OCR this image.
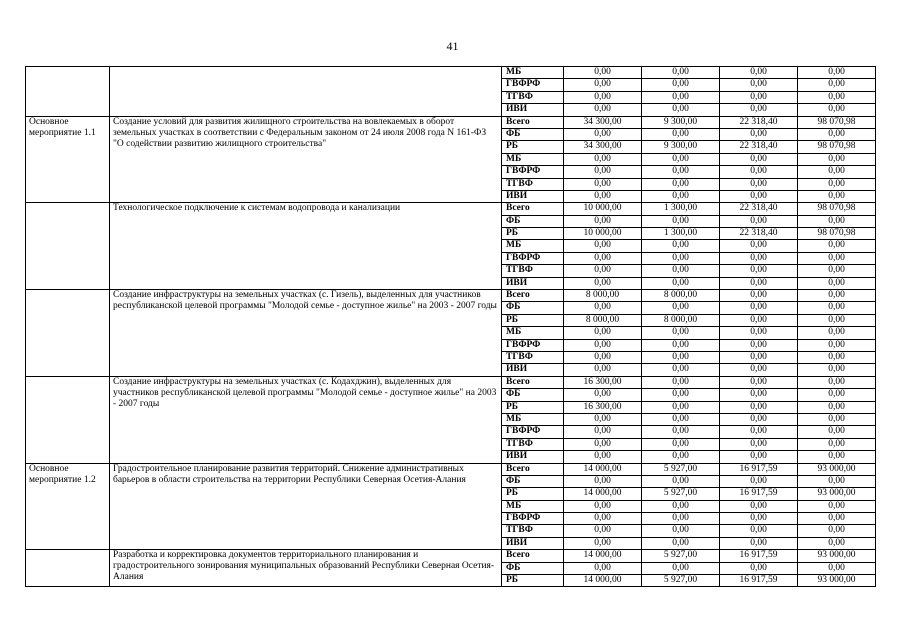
41
		МБ	0,00	0,00	0,00	0,00
		ГВФРФ	0,00	0,00	0,00	0,00
		ТГВФ	0,00	0,00	0,00	0,00
		ИВИ	0,00	0,00	0,00	0,00
Основное мероприятие 1.1	Создание условий для развития жилищного строительства на вовлекаемых в оборот земельных участках в соответствии с Федеральным законом от 24 июля 2008 года N 161-ФЗ "О содействии развитию жилищного строительства"	Всего	34 300,00	9 300,00	22 318,40	98 070,98
		ФБ	0,00	0,00	0,00	0,00
		РБ	34 300,00	9 300,00	22 318,40	98 070,98
		МБ	0,00	0,00	0,00	0,00
		ГВФРФ	0,00	0,00	0,00	0,00
		ТГВФ	0,00	0,00	0,00	0,00
		ИВИ	0,00	0,00	0,00	0,00
	Технологическое подключение к системам водопровода и канализации	Всего	10 000,00	1 300,00	22 318,40	98 070,98
		ФБ	0,00	0,00	0,00	0,00
		РБ	10 000,00	1 300,00	22 318,40	98 070,98
		МБ	0,00	0,00	0,00	0,00
		ГВФРФ	0,00	0,00	0,00	0,00
		ТГВФ	0,00	0,00	0,00	0,00
		ИВИ	0,00	0,00	0,00	0,00
	Создание инфраструктуры на земельных участках (с. Гизель), выделенных для участников республиканской целевой программы "Молодой семье - доступное жилье" на 2003 - 2007 годы	Всего	8 000,00	8 000,00	0,00	0,00
		ФБ	0,00	0,00	0,00	0,00
		РБ	8 000,00	8 000,00	0,00	0,00
		МБ	0,00	0,00	0,00	0,00
		ГВФРФ	0,00	0,00	0,00	0,00
		ТГВФ	0,00	0,00	0,00	0,00
		ИВИ	0,00	0,00	0,00	0,00
	Создание инфраструктуры на земельных участках (с. Кодахджин), выделенных для участников республиканской целевой программы "Молодой семье - доступное жилье" на 2003 - 2007 годы	Всего	16 300,00	0,00	0,00	0,00
		ФБ	0,00	0,00	0,00	0,00
		РБ	16 300,00	0,00	0,00	0,00
		МБ	0,00	0,00	0,00	0,00
		ГВФРФ	0,00	0,00	0,00	0,00
		ТГВФ	0,00	0,00	0,00	0,00
		ИВИ	0,00	0,00	0,00	0,00
Основное мероприятие 1.2	Градостроительное планирование развития территорий. Снижение административных барьеров в области строительства на территории Республики Северная Осетия-Алания	Всего	14 000,00	5 927,00	16 917,59	93 000,00
		ФБ	0,00	0,00	0,00	0,00
		РБ	14 000,00	5 927,00	16 917,59	93 000,00
		МБ	0,00	0,00	0,00	0,00
		ГВФРФ	0,00	0,00	0,00	0,00
		ТГВФ	0,00	0,00	0,00	0,00
		ИВИ	0,00	0,00	0,00	0,00
	Разработка и корректировка документов территориального планирования и градостроительного зонирования муниципальных образований Республики Северная Осетия-Алания	Всего	14 000,00	5 927,00	16 917,59	93 000,00
		ФБ	0,00	0,00	0,00	0,00
		РБ	14 000,00	5 927,00	16 917,59	93 000,00
